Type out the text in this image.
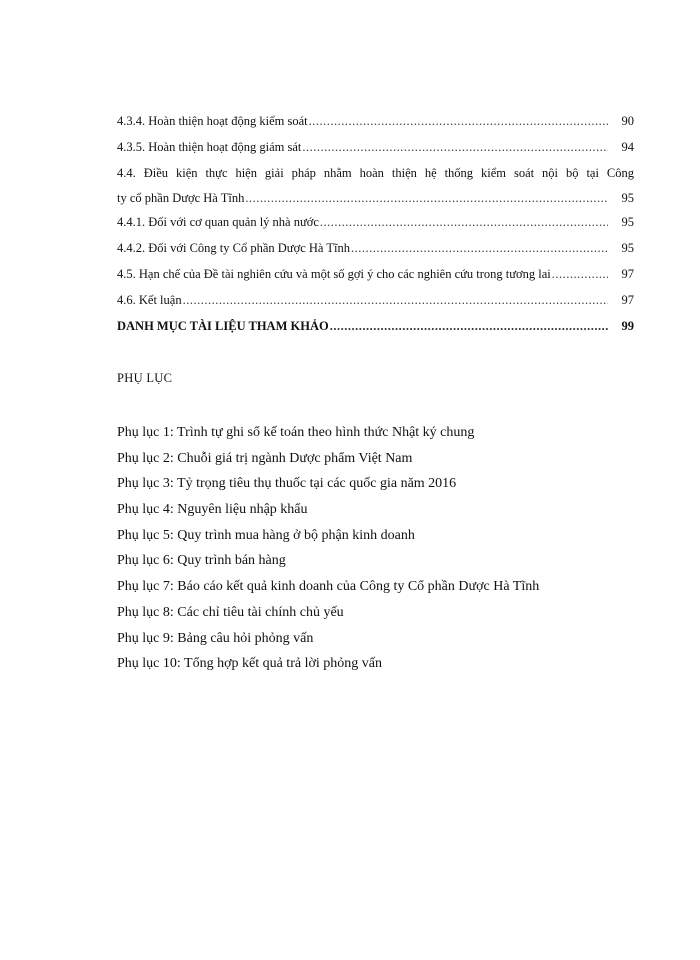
4.3.4. Hoàn thiện hoạt động kiểm soát .....	90
4.3.5. Hoàn thiện hoạt động giám sát .....	94
4.4. Điều kiện thực hiện giải pháp nhằm hoàn thiện hệ thống kiểm soát nội bộ tại Công
ty cổ phần Dược Hà Tĩnh .....	95
4.4.1. Đối với cơ quan quản lý nhà nước .....	95
4.4.2. Đối với Công ty Cổ phần Dược Hà Tĩnh .....	95
4.5. Hạn chế của Đề tài nghiên cứu và một số gợi ý cho các nghiên cứu trong tương lai .....	97
4.6. Kết luận .....	97
DANH MỤC TÀI LIỆU THAM KHẢO .....	99
PHỤ LỤC
Phụ lục 1: Trình tự ghi sổ kế toán theo hình thức Nhật ký chung
Phụ lục 2: Chuỗi giá trị ngành Dược phẩm Việt Nam
Phụ lục 3: Tỷ trọng tiêu thụ thuốc tại các quốc gia năm 2016
Phụ lục 4: Nguyên liệu nhập khẩu
Phụ lục 5: Quy trình mua hàng ở bộ phận kinh doanh
Phụ lục 6: Quy trình bán hàng
Phụ lục 7: Báo cáo kết quả kinh doanh của Công ty Cổ phần Dược Hà Tĩnh
Phụ lục 8: Các chỉ tiêu tài chính chủ yếu
Phụ lục 9: Bảng câu hỏi phỏng vấn
Phụ lục 10: Tổng hợp kết quả trả lời phỏng vấn
